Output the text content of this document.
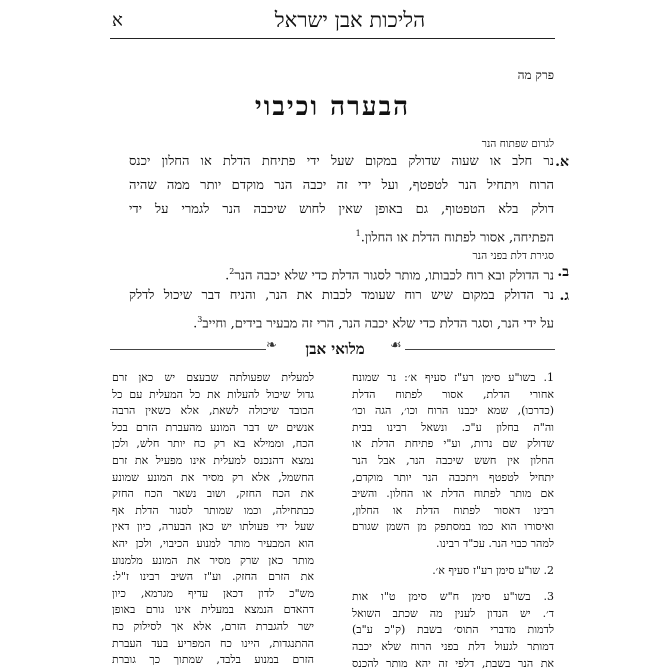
הליכות אבן ישראל
א
פרק מה
הבערה וכיבוי
לגרום שפתוח הנר
א.
נר חלב או שעוה שדולק במקום שעל ידי פתיחת הדלת או החלון יכנס
הרוח ויתחיל הנר לטפטף, ועל ידי זה יכבה הנר מוקדם יותר ממה שהיה
דולק בלא הטפטוף, גם באופן שאין לחוש שיכבה הנר לגמרי על ידי
הפתיחה, אסור לפתוח הדלת או החלון.$^1$
סגירת דלת בפני הנר
ב.
נר הדולק ובא רוח לכבותו, מותר לסגור הדלת כדי שלא יכבה הנר$^2$.
ג.
נר הדולק במקום שיש רוח שעומד לכבות את הנר, והניח דבר שיכול לדלק
על ידי הנר, וסגר הדלת כדי שלא יכבה הנר, הרי זה מבעיר בידים, וחייב$^3$.
❧	מלואי אבן	☙
1. בשו"ע סימן רע"ז סעיף א׳: נר שמונח
אחורי הדלת, אסור לפתוח הדלת
(כדרכו), שמא יכבנו הרוח וכו׳, הגה וכו׳
וה"ה בחלון ע"כ. ונשאל רבינו בבית
שדולק שם נרות, וע"י פתיחת הדלת או
החלון אין חשש שיכבה הנר, אבל הנר
יתחיל לטפטף ויתכבה הנר יותר מוקדם,
אם מותר לפתוח הדלת או החלון. והשיב
רבינו דאסור לפתוח הדלת או החלון,
ואיסורו הוא כמו במסתפק מן השמן שגורם
למהר כבוי הנר. עכ"ד רבינו.
2. שו"ע סימן רע"ז סעיף א׳.
3. בשו"ע סימן ח"ש סימן ט"ו אות
ד׳. יש הנדון לענין מה שכתב השואל
לדמות מדברי התוס׳ בשבת (ק"כ ע"ב)
דמותר לגעול דלת בפני הרוח שלא יכבה
את הנר בשבת, דלפי זה יהא מותר להכנס
למעלית שפעולתה שבעצם יש כאן זרם
גדול שיכול להעלות את כל המעלית עם כל
הכובד שיכולה לשאת, אלא כשאין הרבה
אנשים יש דבר המונע מהעברת הזרם בכל
הכח, וממילא בא רק כח יותר חלש, ולכן
נמצא דהנכנס למעלית אינו מפעיל את זרם
החשמל, אלא רק מסיר את המונע שמונע
את הכח החזק, ושוב נשאר הכח החזק
כבתחילה, וכמו שמותר לסגור הדלת אף
שעל ידי פעולתו יש כאן הבערה, כיון דאין
הוא המבעיר מותר למנוע הכיבוי, ולכן יהא
מותר כאן שרק מסיר את המונע מלמנוע
את הזרם החזק. וע"ז השיב רבינו ז"ל:
מש"כ לדון דכאן עדיף מגרמא, כיון
דהאדם הנמצא במעלית אינו גורם באופן
ישר להגברת הזרם, אלא אך לסילוק כח
ההתנגדות, היינו כח המפריע בעד העברת
הזרם במנוע בלבד, שמתוך כך גוברת
